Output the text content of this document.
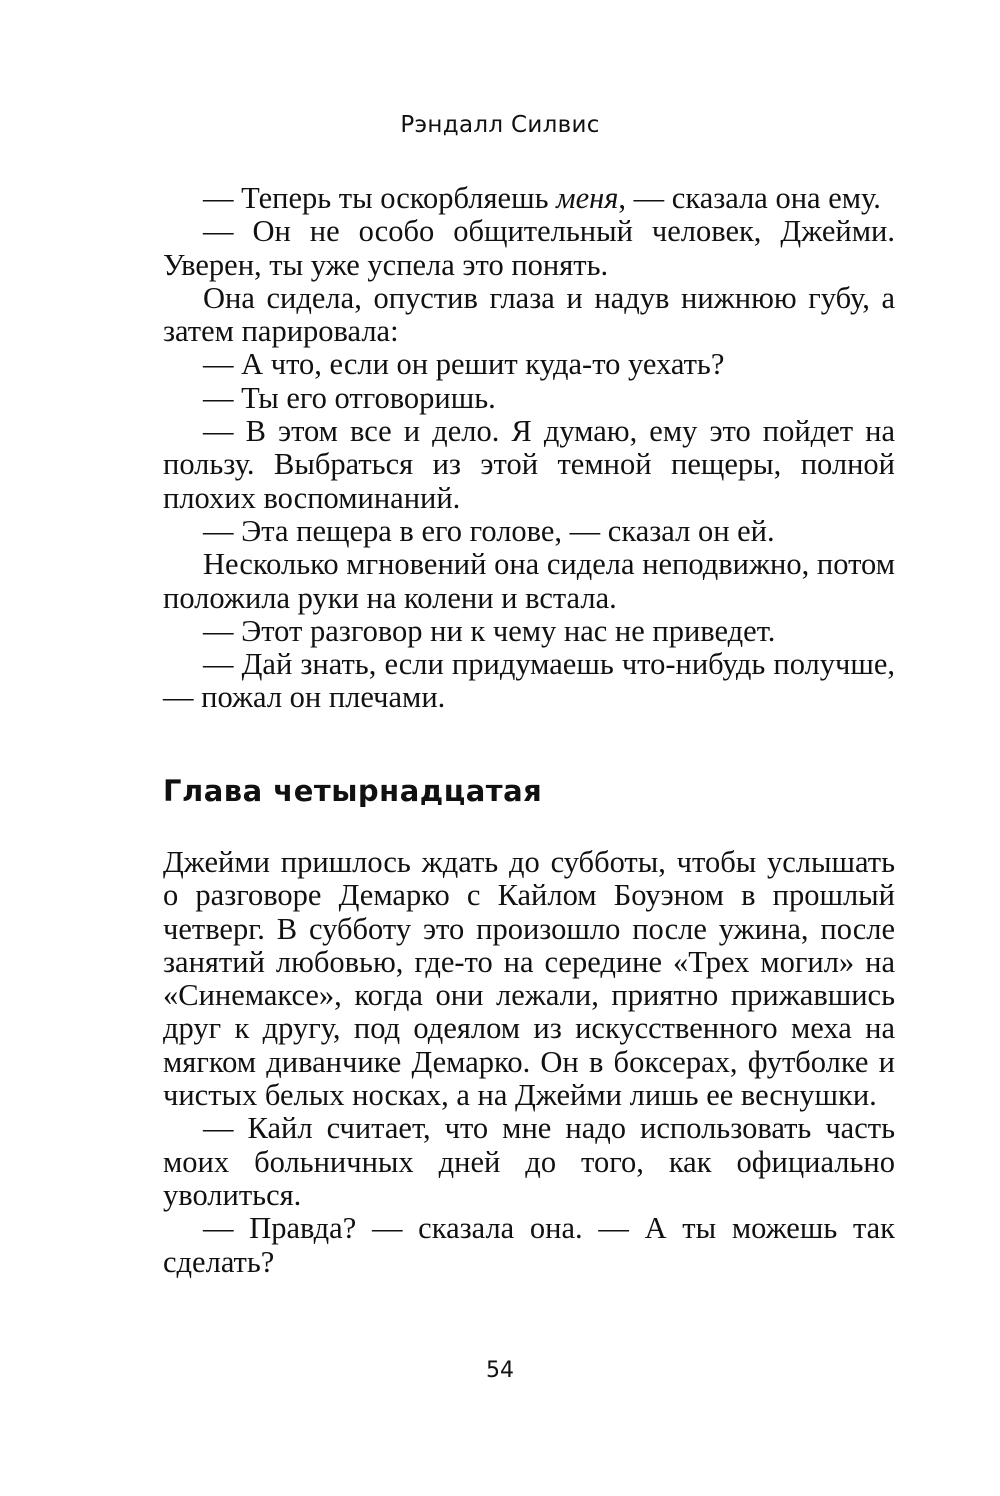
Рэндалл Силвис

— Теперь ты оскорбляешь меня, — сказала она ему.

— Он не особо общительный человек, Джейми. Уверен, ты уже успела это понять.

Она сидела, опустив глаза и надув нижнюю губу, а затем парировала:

— А что, если он решит куда-то уехать?

— Ты его отговоришь.

— В этом все и дело. Я думаю, ему это пойдет на пользу. Выбраться из этой темной пещеры, полной плохих воспоминаний.

— Эта пещера в его голове, — сказал он ей.

Несколько мгновений она сидела неподвижно, потом положила руки на колени и встала.

— Этот разговор ни к чему нас не приведет.

— Дай знать, если придумаешь что-нибудь получше, — пожал он плечами.

Глава четырнадцатая

Джейми пришлось ждать до субботы, чтобы услышать о разговоре Демарко с Кайлом Боуэном в прошлый четверг. В субботу это произошло после ужина, после занятий любовью, где-то на середине «Трех могил» на «Синемаксе», когда они лежали, приятно прижавшись друг к другу, под одеялом из искусственного меха на мягком диванчике Демарко. Он в боксерах, футболке и чистых белых носках, а на Джейми лишь ее веснушки.

— Кайл считает, что мне надо использовать часть моих больничных дней до того, как официально уволиться.

— Правда? — сказала она. — А ты можешь так сделать?

54
